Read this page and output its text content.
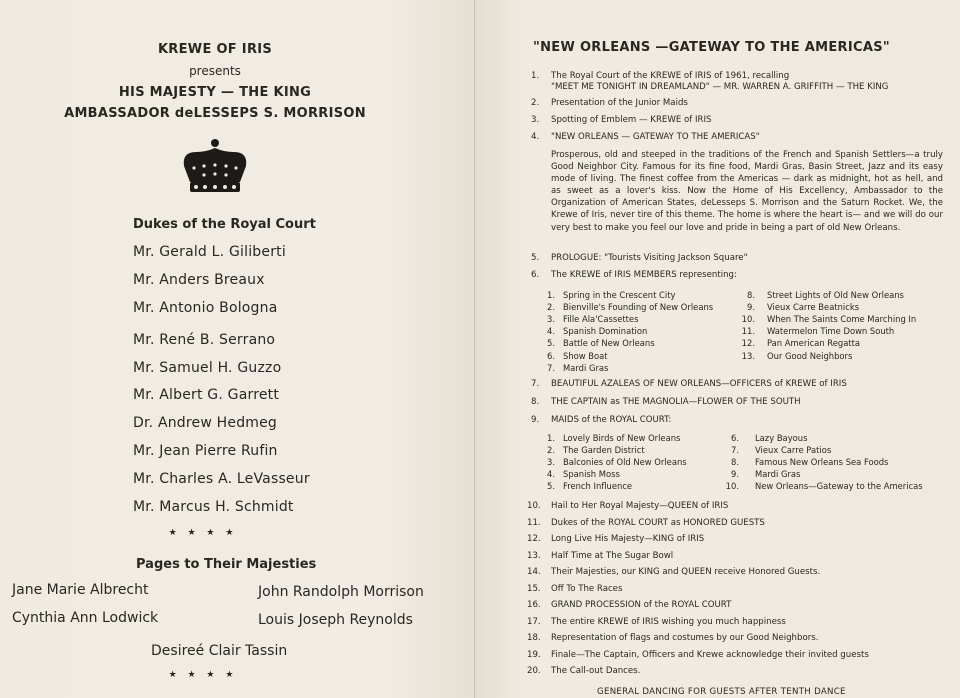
KREWE OF IRIS
presents
HIS MAJESTY — THE KING
AMBASSADOR deLESSEPS S. MORRISON
Dukes of the Royal Court
Mr. Gerald L. Giliberti
Mr. Anders Breaux
Mr. Antonio Bologna
Mr. René B. Serrano
Mr. Samuel H. Guzzo
Mr. Albert G. Garrett
Dr. Andrew Hedmeg
Mr. Jean Pierre Rufin
Mr. Charles A. LeVasseur
Mr. Marcus H. Schmidt
★ ★ ★ ★
Pages to Their Majesties
Jane Marie Albrecht	John Randolph Morrison
Cynthia Ann Lodwick	Louis Joseph Reynolds
Desireé Clair Tassin
★ ★ ★ ★
"NEW ORLEANS —GATEWAY TO THE AMERICAS"
1. The Royal Court of the KREWE of IRIS of 1961, recalling
"MEET ME TONIGHT IN DREAMLAND" — MR. WARREN A. GRIFFITH — THE KING
2. Presentation of the Junior Maids
3. Spotting of Emblem — KREWE of IRIS
4. "NEW ORLEANS — GATEWAY TO THE AMERICAS"
Prosperous, old and steeped in the traditions of the French and Spanish Settlers—a truly Good Neighbor City. Famous for its fine food, Mardi Gras, Basin Street, Jazz and its easy mode of living. The finest coffee from the Americas — dark as midnight, hot as hell, and as sweet as a lover's kiss. Now the Home of His Excellency, Ambassador to the Organization of American States, deLesseps S. Morrison and the Saturn Rocket. We, the Krewe of Iris, never tire of this theme. The home is where the heart is— and we will do our very best to make you feel our love and pride in being a part of old New Orleans.
5. PROLOGUE: "Tourists Visiting Jackson Square"
6. The KREWE of IRIS MEMBERS representing:
1. Spring in the Crescent City
2. Bienville's Founding of New Orleans
3. Fille Ala'Cassettes
4. Spanish Domination
5. Battle of New Orleans
6. Show Boat
7. Mardi Gras
8. Street Lights of Old New Orleans
9. Vieux Carre Beatnicks
10. When The Saints Come Marching In
11. Watermelon Time Down South
12. Pan American Regatta
13. Our Good Neighbors
7. BEAUTIFUL AZALEAS OF NEW ORLEANS—OFFICERS of KREWE of IRIS
8. THE CAPTAIN as THE MAGNOLIA—FLOWER OF THE SOUTH
9. MAIDS of the ROYAL COURT:
1. Lovely Birds of New Orleans
2. The Garden District
3. Balconies of Old New Orleans
4. Spanish Moss
5. French Influence
6. Lazy Bayous
7. Vieux Carre Patios
8. Famous New Orleans Sea Foods
9. Mardi Gras
10. New Orleans—Gateway to the Americas
10. Hail to Her Royal Majesty—QUEEN of IRIS
11. Dukes of the ROYAL COURT as HONORED GUESTS
12. Long Live His Majesty—KING of IRIS
13. Half Time at The Sugar Bowl
14. Their Majesties, our KING and QUEEN receive Honored Guests.
15. Off To The Races
16. GRAND PROCESSION of the ROYAL COURT
17. The entire KREWE of IRIS wishing you much happiness
18. Representation of flags and costumes by our Good Neighbors.
19. Finale—The Captain, Officers and Krewe acknowledge their invited guests
20. The Call-out Dances.
GENERAL DANCING FOR GUESTS AFTER TENTH DANCE
